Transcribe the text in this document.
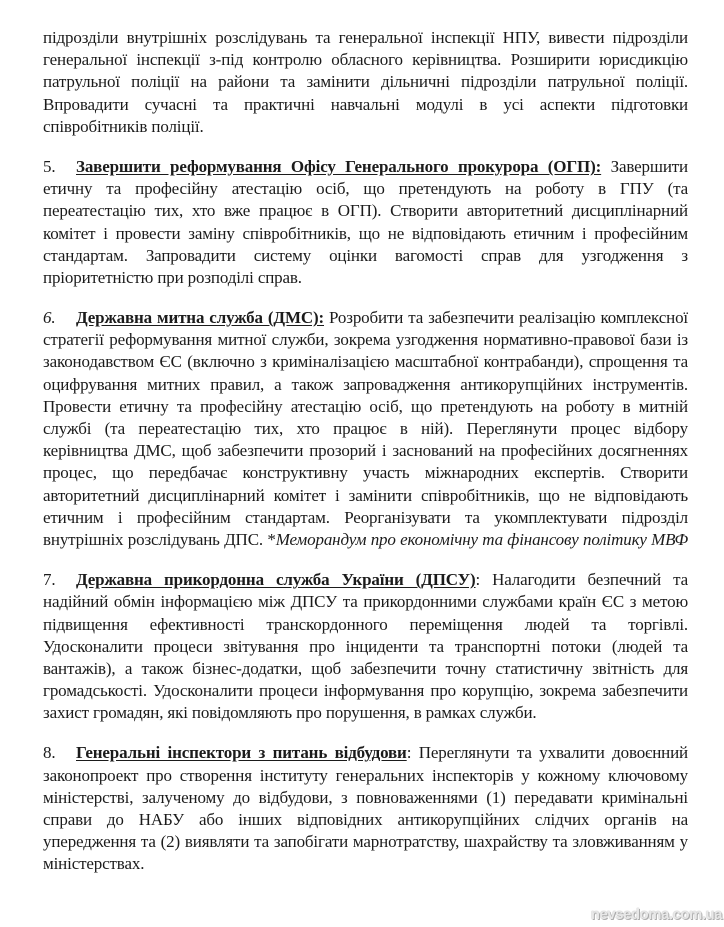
підрозділи внутрішніх розслідувань та генеральної інспекції НПУ, вивести підрозділи
генеральної інспекції з-під контролю обласного керівництва. Розширити юрисдикцію
патрульної поліції на райони та замінити дільничні підрозділи патрульної поліції.
Впровадити сучасні та практичні навчальні модулі в усі аспекти підготовки
співробітників поліції.
5. Завершити реформування Офісу Генерального прокурора (ОГП): Завершити
етичну та професійну атестацію осіб, що претендують на роботу в ГПУ (та
переатестацію тих, хто вже працює в ОГП). Створити авторитетний дисциплінарний
комітет і провести заміну співробітників, що не відповідають етичним і професійним
стандартам. Запровадити систему оцінки вагомості справ для узгодження з
пріоритетністю при розподілі справ.
6. Державна митна служба (ДМС): Розробити та забезпечити реалізацію комплексної
стратегії реформування митної служби, зокрема узгодження нормативно-правової бази із
законодавством ЄС (включно з криміналізацією масштабної контрабанди), спрощення та
оцифрування митних правил, а також запровадження антикорупційних інструментів.
Провести етичну та професійну атестацію осіб, що претендують на роботу в митній
службі (та переатестацію тих, хто працює в ній). Переглянути процес відбору
керівництва ДМС, щоб забезпечити прозорий і заснований на професійних досягненнях
процес, що передбачає конструктивну участь міжнародних експертів. Створити
авторитетний дисциплінарний комітет і замінити співробітників, що не відповідають
етичним і професійним стандартам. Реорганізувати та укомплектувати підрозділ
внутрішніх розслідувань ДПС. *Меморандум про економічну та фінансову політику МВФ
7. Державна прикордонна служба України (ДПСУ): Налагодити безпечний та
надійний обмін інформацією між ДПСУ та прикордонними службами країн ЄС з метою
підвищення ефективності транскордонного переміщення людей та торгівлі.
Удосконалити процеси звітування про інциденти та транспортні потоки (людей та
вантажів), а також бізнес-додатки, щоб забезпечити точну статистичну звітність для
громадськості. Удосконалити процеси інформування про корупцію, зокрема забезпечити
захист громадян, які повідомляють про порушення, в рамках служби.
8. Генеральні інспектори з питань відбудови: Переглянути та ухвалити довоєнний
законопроект про створення інституту генеральних інспекторів у кожному ключовому
міністерстві, залученому до відбудови, з повноваженнями (1) передавати кримінальні
справи до НАБУ або інших відповідних антикорупційних слідчих органів на
упередження та (2) виявляти та запобігати марнотратству, шахрайству та зловживанням у
міністерствах.
nevsedoma.com.ua
